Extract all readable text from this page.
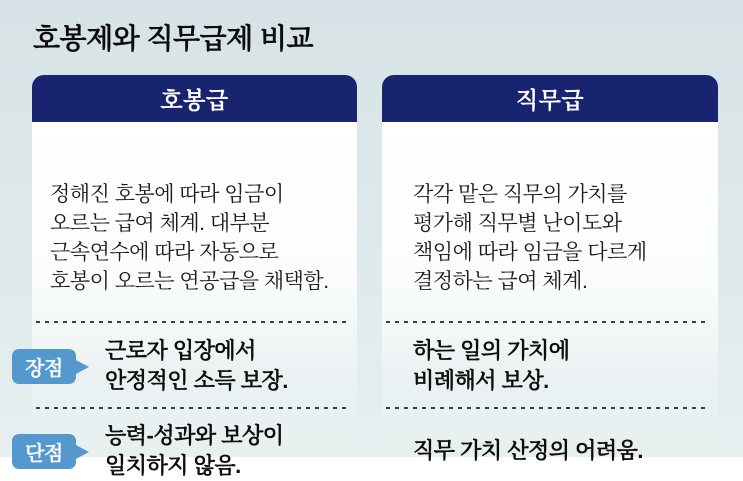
호봉제와 직무급제 비교
호봉급
정해진 호봉에 따라 임금이
오르는 급여 체계. 대부분
근속연수에 따라 자동으로
호봉이 오르는 연공급을 채택함.
장점
근로자 입장에서
안정적인 소득 보장.
단점
능력-성과와 보상이
일치하지 않음.
직무급
각각 맡은 직무의 가치를
평가해 직무별 난이도와
책임에 따라 임금을 다르게
결정하는 급여 체계.
하는 일의 가치에
비례해서 보상.
직무 가치 산정의 어려움.
